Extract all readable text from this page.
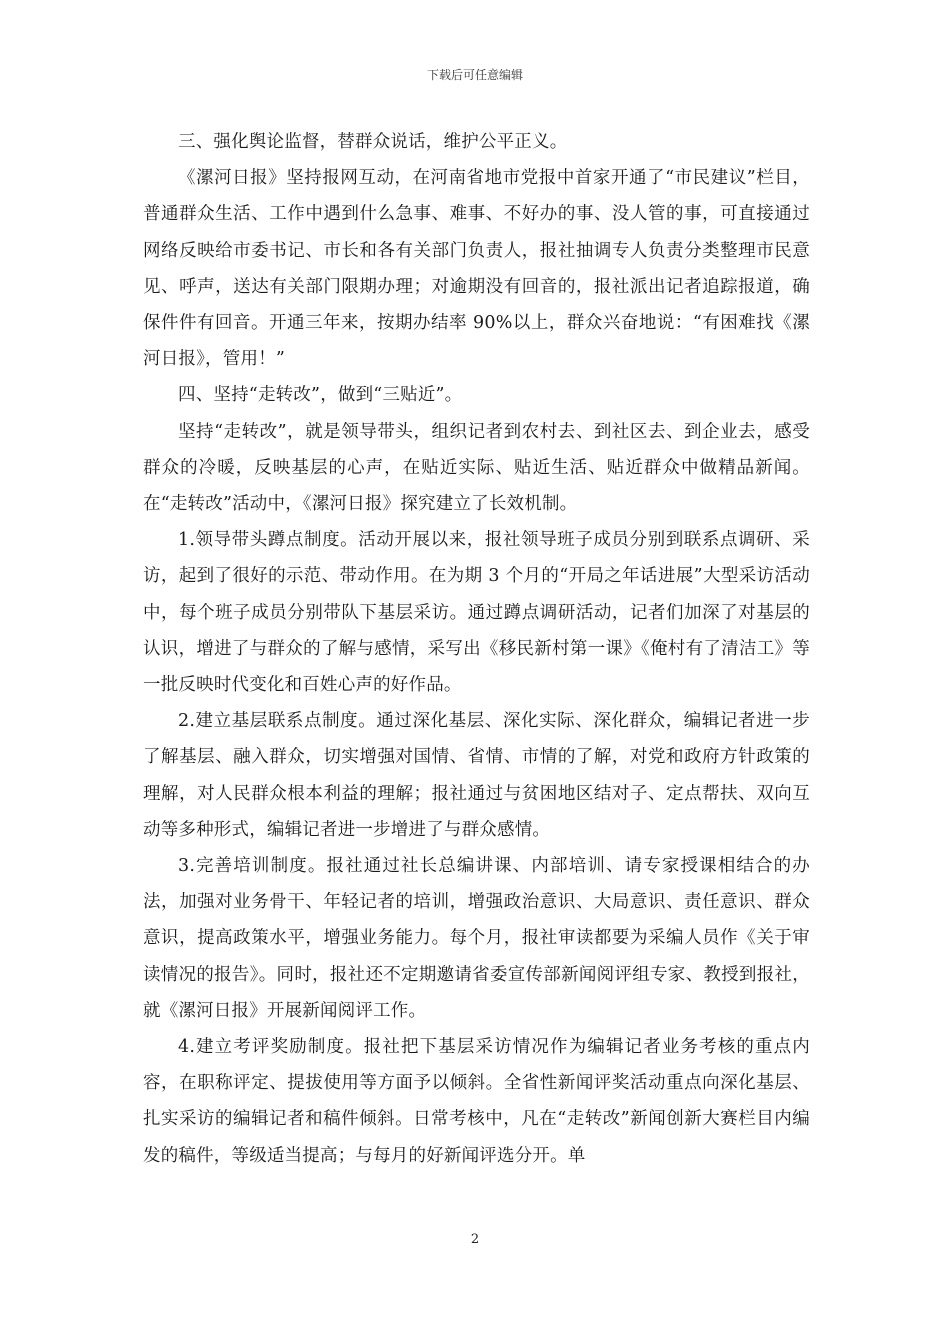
下载后可任意编辑

三、强化舆论监督，替群众说话，维护公平正义。

《漯河日报》坚持报网互动，在河南省地市党报中首家开通了“市民建议”栏目，普通群众生活、工作中遇到什么急事、难事、不好办的事、没人管的事，可直接通过网络反映给市委书记、市长和各有关部门负责人，报社抽调专人负责分类整理市民意见、呼声，送达有关部门限期办理；对逾期没有回音的，报社派出记者追踪报道，确保件件有回音。开通三年来，按期办结率 90%以上，群众兴奋地说：“有困难找《漯河日报》，管用！”

四、坚持“走转改”，做到“三贴近”。

坚持“走转改”，就是领导带头，组织记者到农村去、到社区去、到企业去，感受群众的冷暖，反映基层的心声，在贴近实际、贴近生活、贴近群众中做精品新闻。在“走转改”活动中，《漯河日报》探究建立了长效机制。

1.领导带头蹲点制度。活动开展以来，报社领导班子成员分别到联系点调研、采访，起到了很好的示范、带动作用。在为期 3 个月的“开局之年话进展”大型采访活动中，每个班子成员分别带队下基层采访。通过蹲点调研活动，记者们加深了对基层的认识，增进了与群众的了解与感情，采写出《移民新村第一课》《俺村有了清洁工》等一批反映时代变化和百姓心声的好作品。

2.建立基层联系点制度。通过深化基层、深化实际、深化群众，编辑记者进一步了解基层、融入群众，切实增强对国情、省情、市情的了解，对党和政府方针政策的理解，对人民群众根本利益的理解；报社通过与贫困地区结对子、定点帮扶、双向互动等多种形式，编辑记者进一步增进了与群众感情。

3.完善培训制度。报社通过社长总编讲课、内部培训、请专家授课相结合的办法，加强对业务骨干、年轻记者的培训，增强政治意识、大局意识、责任意识、群众意识，提高政策水平，增强业务能力。每个月，报社审读都要为采编人员作《关于审读情况的报告》。同时，报社还不定期邀请省委宣传部新闻阅评组专家、教授到报社，就《漯河日报》开展新闻阅评工作。

4.建立考评奖励制度。报社把下基层采访情况作为编辑记者业务考核的重点内容，在职称评定、提拔使用等方面予以倾斜。全省性新闻评奖活动重点向深化基层、扎实采访的编辑记者和稿件倾斜。日常考核中，凡在“走转改”新闻创新大赛栏目内编发的稿件，等级适当提高；与每月的好新闻评选分开。单

2
